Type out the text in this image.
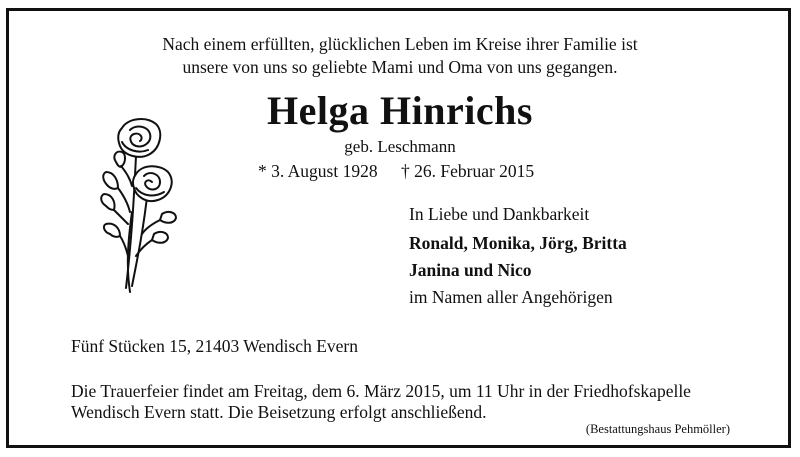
Nach einem erfüllten, glücklichen Leben im Kreise ihrer Familie ist
unsere von uns so geliebte Mami und Oma von uns gegangen.
Helga Hinrichs
geb. Leschmann
* 3. August 1928 † 26. Februar 2015
In Liebe und Dankbarkeit
Ronald, Monika, Jörg, Britta
Janina und Nico
im Namen aller Angehörigen
Fünf Stücken 15, 21403 Wendisch Evern
Die Trauerfeier findet am Freitag, dem 6. März 2015, um 11 Uhr in der Friedhofskapelle
Wendisch Evern statt. Die Beisetzung erfolgt anschließend.
(Bestattungshaus Pehmöller)
